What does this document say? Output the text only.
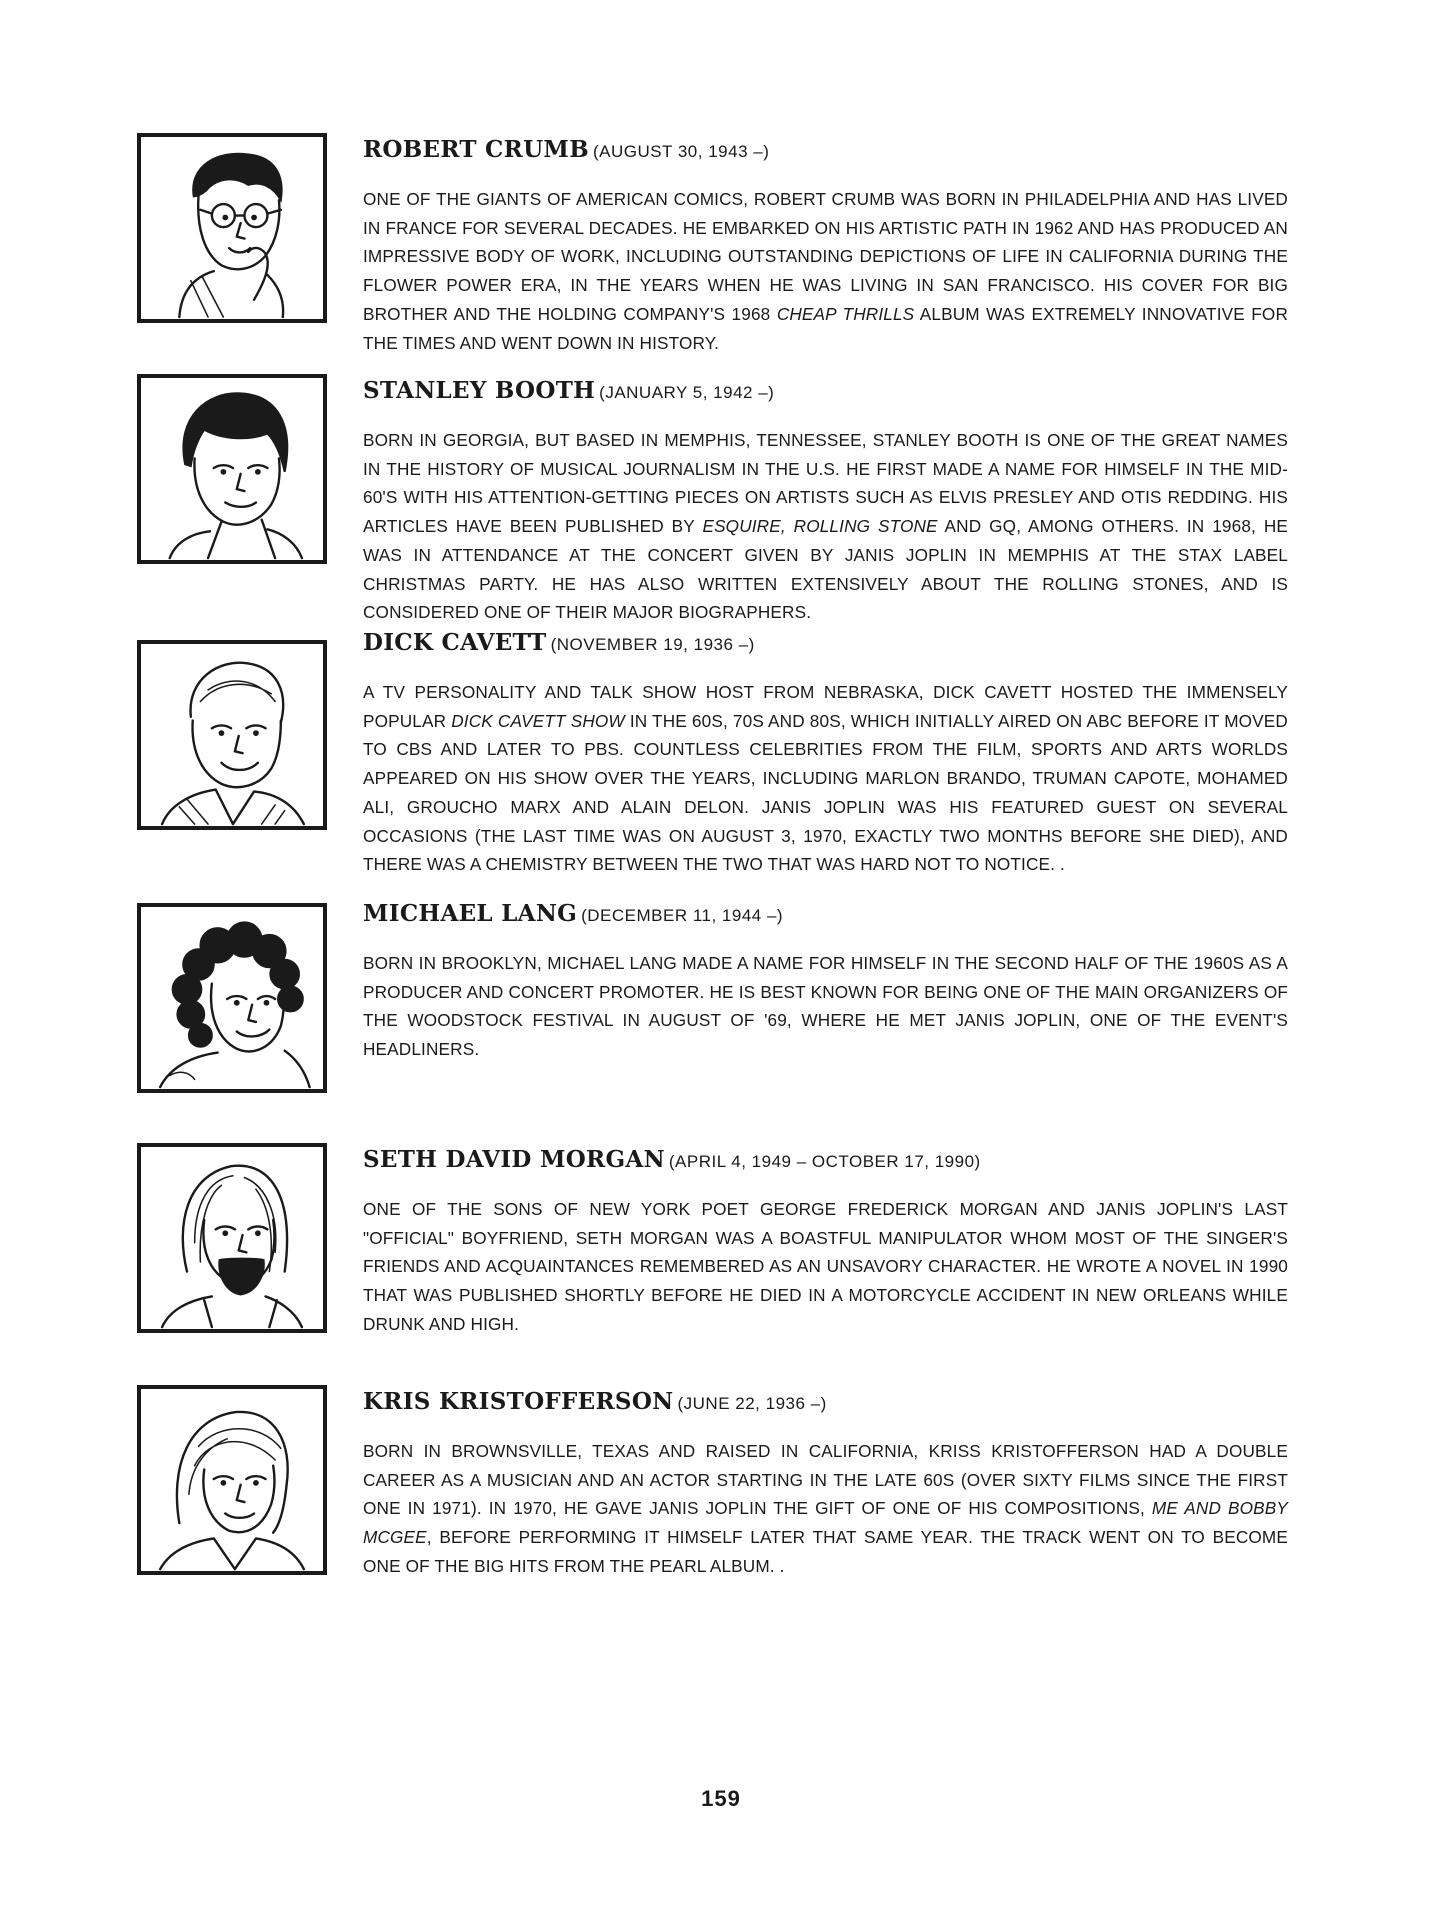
ROBERT CRUMB (AUGUST 30, 1943 –)
ONE OF THE GIANTS OF AMERICAN COMICS, ROBERT CRUMB WAS BORN IN PHILADELPHIA AND HAS LIVED IN FRANCE FOR SEVERAL DECADES. HE EMBARKED ON HIS ARTISTIC PATH IN 1962 AND HAS PRODUCED AN IMPRESSIVE BODY OF WORK, INCLUDING OUTSTANDING DEPICTIONS OF LIFE IN CALIFORNIA DURING THE FLOWER POWER ERA, IN THE YEARS WHEN HE WAS LIVING IN SAN FRANCISCO. HIS COVER FOR BIG BROTHER AND THE HOLDING COMPANY'S 1968 CHEAP THRILLS ALBUM WAS EXTREMELY INNOVATIVE FOR THE TIMES AND WENT DOWN IN HISTORY.
STANLEY BOOTH (JANUARY 5, 1942 –)
BORN IN GEORGIA, BUT BASED IN MEMPHIS, TENNESSEE, STANLEY BOOTH IS ONE OF THE GREAT NAMES IN THE HISTORY OF MUSICAL JOURNALISM IN THE U.S. HE FIRST MADE A NAME FOR HIMSELF IN THE MID-60'S WITH HIS ATTENTION-GETTING PIECES ON ARTISTS SUCH AS ELVIS PRESLEY AND OTIS REDDING. HIS ARTICLES HAVE BEEN PUBLISHED BY ESQUIRE, ROLLING STONE AND GQ, AMONG OTHERS. IN 1968, HE WAS IN ATTENDANCE AT THE CONCERT GIVEN BY JANIS JOPLIN IN MEMPHIS AT THE STAX LABEL CHRISTMAS PARTY. HE HAS ALSO WRITTEN EXTENSIVELY ABOUT THE ROLLING STONES, AND IS CONSIDERED ONE OF THEIR MAJOR BIOGRAPHERS.
DICK CAVETT (NOVEMBER 19, 1936 –)
A TV PERSONALITY AND TALK SHOW HOST FROM NEBRASKA, DICK CAVETT HOSTED THE IMMENSELY POPULAR DICK CAVETT SHOW IN THE 60S, 70S AND 80S, WHICH INITIALLY AIRED ON ABC BEFORE IT MOVED TO CBS AND LATER TO PBS. COUNTLESS CELEBRITIES FROM THE FILM, SPORTS AND ARTS WORLDS APPEARED ON HIS SHOW OVER THE YEARS, INCLUDING MARLON BRANDO, TRUMAN CAPOTE, MOHAMED ALI, GROUCHO MARX AND ALAIN DELON. JANIS JOPLIN WAS HIS FEATURED GUEST ON SEVERAL OCCASIONS (THE LAST TIME WAS ON AUGUST 3, 1970, EXACTLY TWO MONTHS BEFORE SHE DIED), AND THERE WAS A CHEMISTRY BETWEEN THE TWO THAT WAS HARD NOT TO NOTICE. .
MICHAEL LANG (DECEMBER 11, 1944 –)
BORN IN BROOKLYN, MICHAEL LANG MADE A NAME FOR HIMSELF IN THE SECOND HALF OF THE 1960S AS A PRODUCER AND CONCERT PROMOTER. HE IS BEST KNOWN FOR BEING ONE OF THE MAIN ORGANIZERS OF THE WOODSTOCK FESTIVAL IN AUGUST OF '69, WHERE HE MET JANIS JOPLIN, ONE OF THE EVENT'S HEADLINERS.
SETH DAVID MORGAN (APRIL 4, 1949 – OCTOBER 17, 1990)
ONE OF THE SONS OF NEW YORK POET GEORGE FREDERICK MORGAN AND JANIS JOPLIN'S LAST "OFFICIAL" BOYFRIEND, SETH MORGAN WAS A BOASTFUL MANIPULATOR WHOM MOST OF THE SINGER'S FRIENDS AND ACQUAINTANCES REMEMBERED AS AN UNSAVORY CHARACTER. HE WROTE A NOVEL IN 1990 THAT WAS PUBLISHED SHORTLY BEFORE HE DIED IN A MOTORCYCLE ACCIDENT IN NEW ORLEANS WHILE DRUNK AND HIGH.
KRIS KRISTOFFERSON (JUNE 22, 1936 –)
BORN IN BROWNSVILLE, TEXAS AND RAISED IN CALIFORNIA, KRISS KRISTOFFERSON HAD A DOUBLE CAREER AS A MUSICIAN AND AN ACTOR STARTING IN THE LATE 60S (OVER SIXTY FILMS SINCE THE FIRST ONE IN 1971). IN 1970, HE GAVE JANIS JOPLIN THE GIFT OF ONE OF HIS COMPOSITIONS, ME AND BOBBY MCGEE, BEFORE PERFORMING IT HIMSELF LATER THAT SAME YEAR. THE TRACK WENT ON TO BECOME ONE OF THE BIG HITS FROM THE PEARL ALBUM. .
159
